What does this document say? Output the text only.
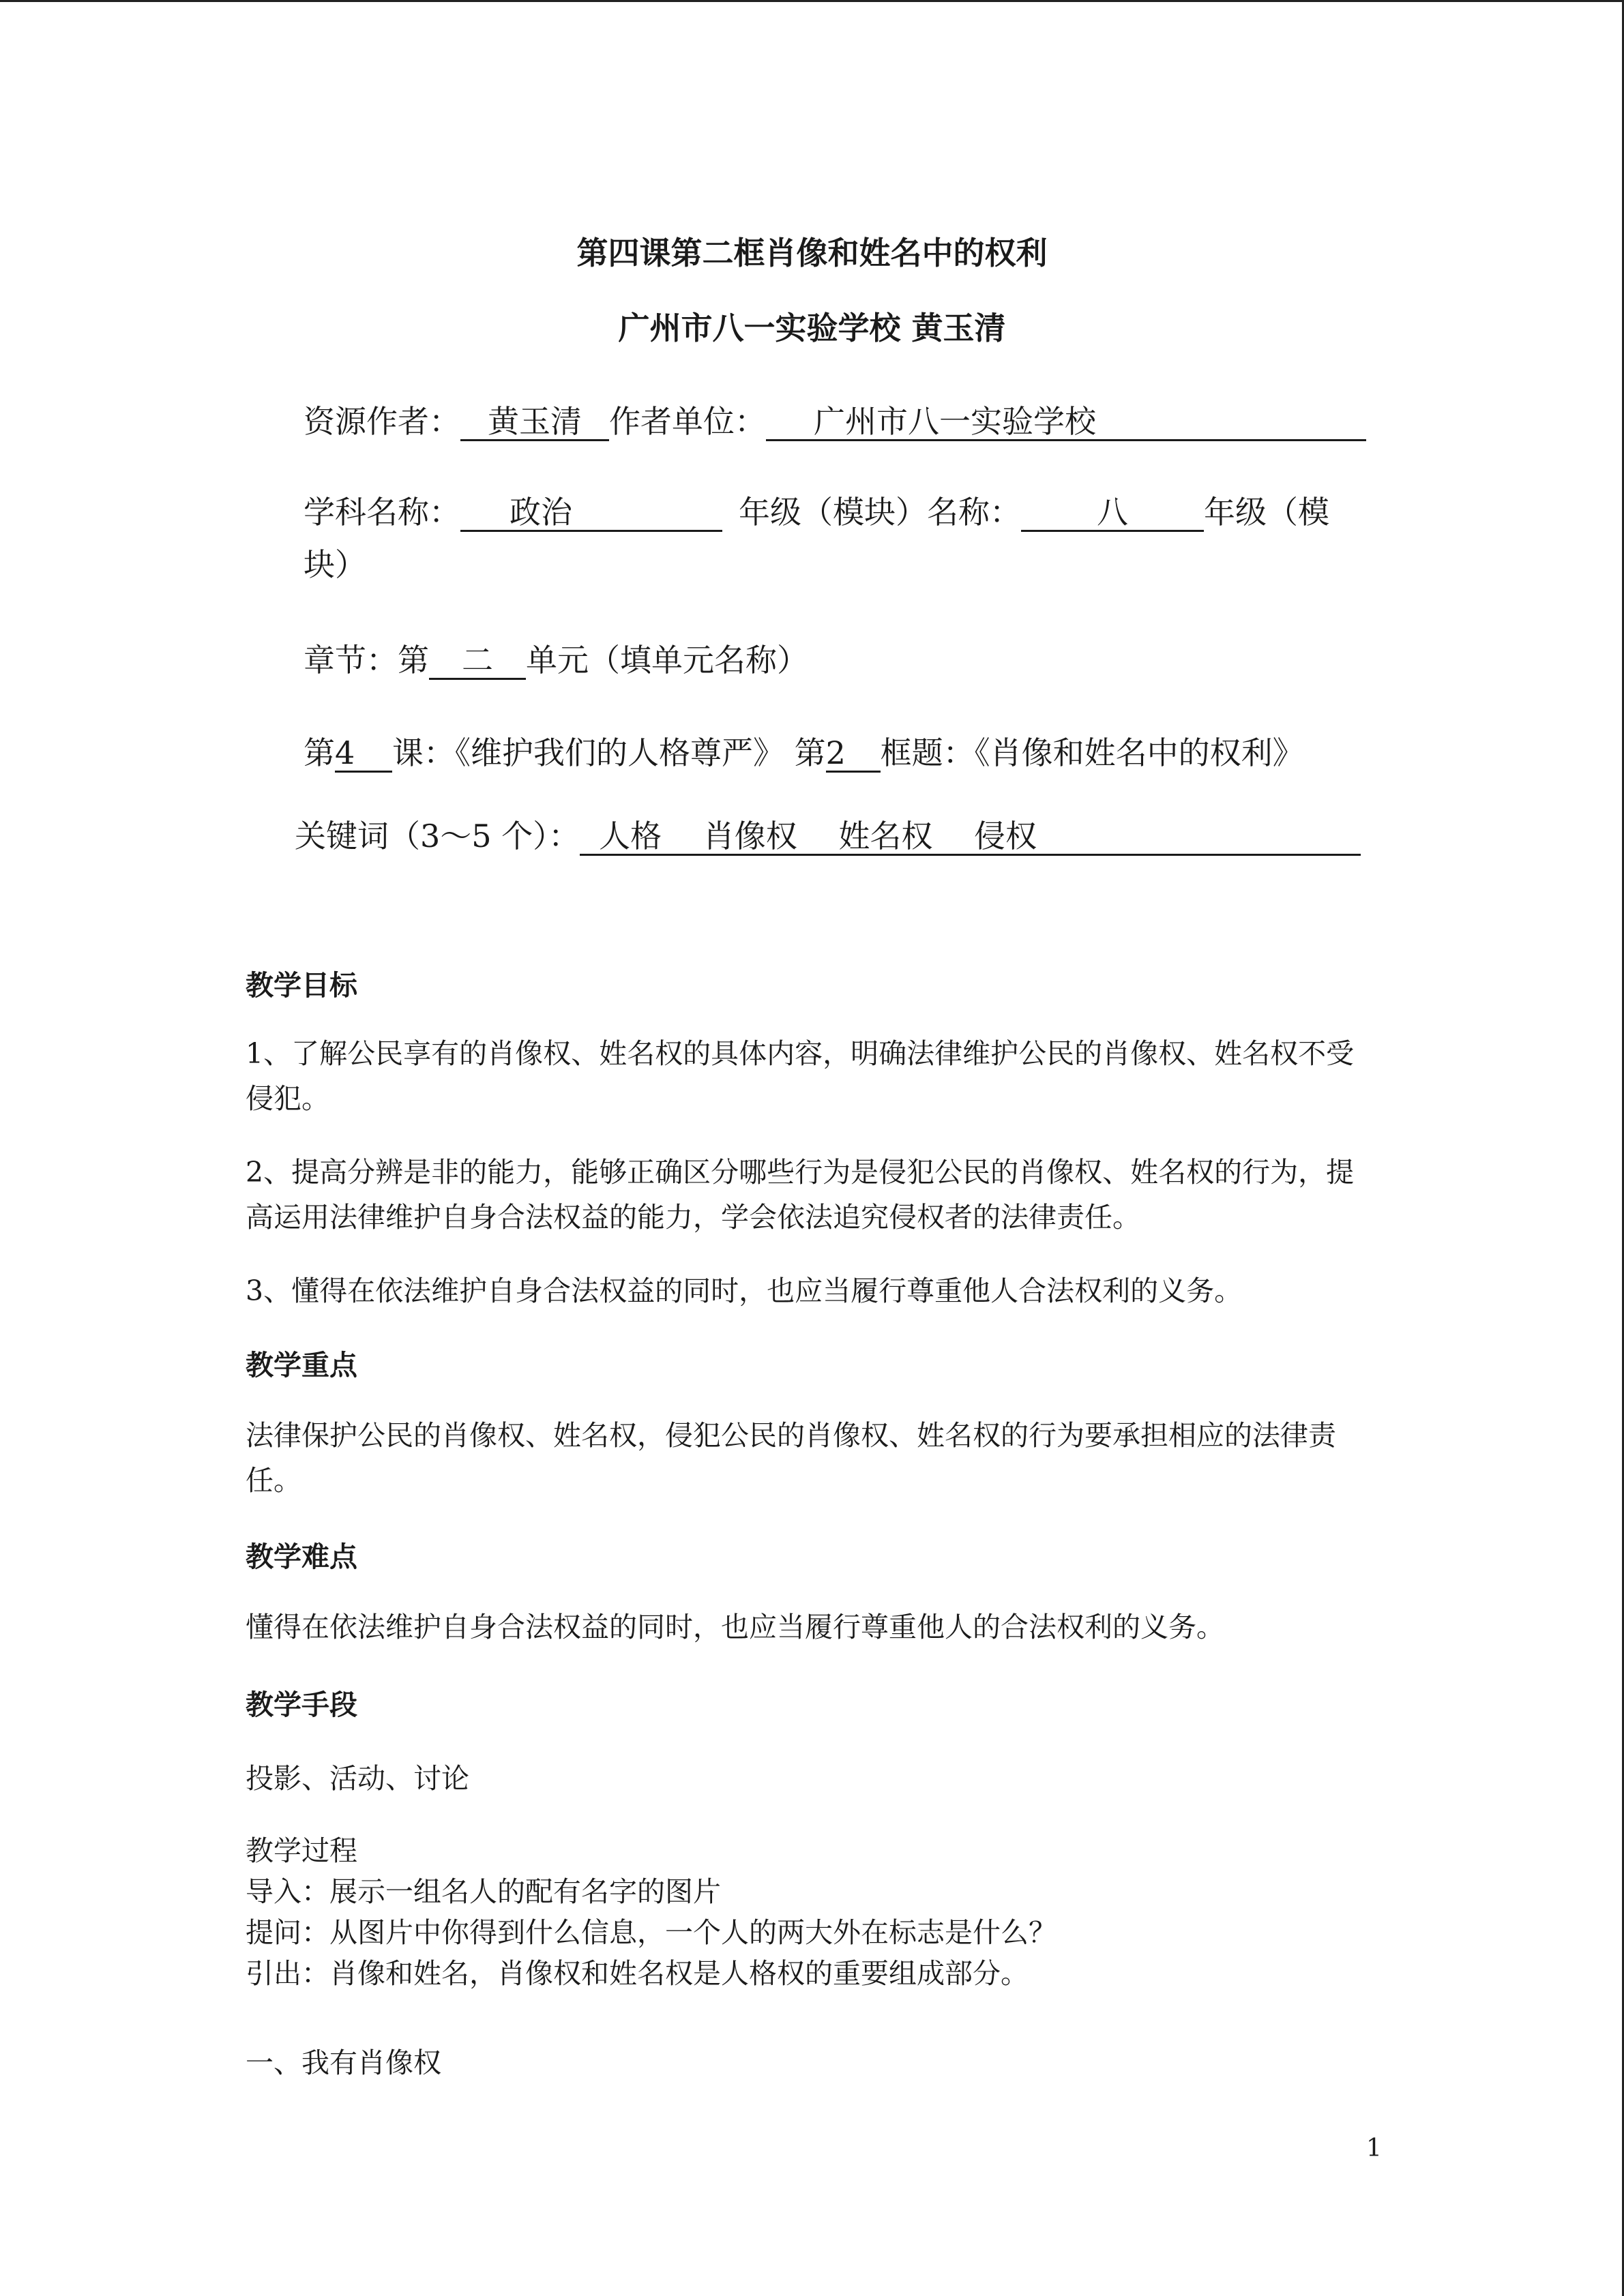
第四课第二框肖像和姓名中的权利
广州市八一实验学校 黄玉清
资源作者： 黄玉清 作者单位： 广州市八一实验学校
学科名称： 政治	年级（模块）名称： 八 年级（模
块）
章节：第 二 单元（填单元名称）
第4 课：《维护我们的人格尊严》 第2 框题：《肖像和姓名中的权利》
关键词（3～5 个）： 人格　 肖像权　 姓名权　 侵权
教学目标
1、了解公民享有的肖像权、姓名权的具体内容，明确法律维护公民的肖像权、姓名权不受侵犯。
2、提高分辨是非的能力，能够正确区分哪些行为是侵犯公民的肖像权、姓名权的行为，提高运用法律维护自身合法权益的能力，学会依法追究侵权者的法律责任。
3、懂得在依法维护自身合法权益的同时，也应当履行尊重他人合法权利的义务。
教学重点
法律保护公民的肖像权、姓名权，侵犯公民的肖像权、姓名权的行为要承担相应的法律责任。
教学难点
懂得在依法维护自身合法权益的同时，也应当履行尊重他人的合法权利的义务。
教学手段
投影、活动、讨论
教学过程
导入：展示一组名人的配有名字的图片
提问：从图片中你得到什么信息，一个人的两大外在标志是什么？
引出：肖像和姓名，肖像权和姓名权是人格权的重要组成部分。
一、我有肖像权
1
